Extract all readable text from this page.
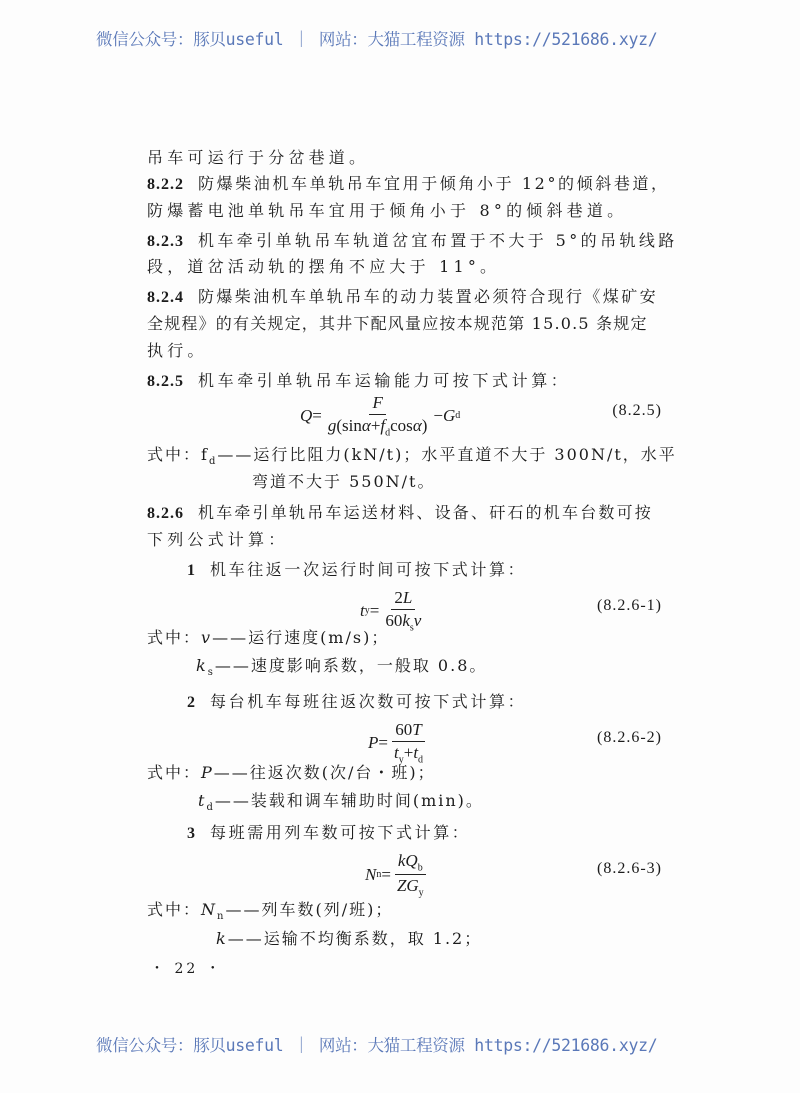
微信公众号：豚贝useful ｜ 网站：大猫工程资源 https://521686.xyz/
吊车可运行于分岔巷道。
8.2.2 防爆柴油机车单轨吊车宜用于倾角小于 12°的倾斜巷道，
防爆蓄电池单轨吊车宜用于倾角小于 8°的倾斜巷道。
8.2.3 机车牵引单轨吊车轨道岔宜布置于不大于 5°的吊轨线路
段，道岔活动轨的摆角不应大于 11°。
8.2.4 防爆柴油机车单轨吊车的动力装置必须符合现行《煤矿安
全规程》的有关规定，其井下配风量应按本规范第 15.0.5 条规定
执行。
8.2.5 机车牵引单轨吊车运输能力可按下式计算：
$Q = \frac{F}{g(\sin\alpha+f_d\cos\alpha)} - G$ d	(8.2.5)
式中：$f_d——$运行比阻力(kN/t)；水平直道不大于 300N/t，水平
弯道不大于 550N/t。
8.2.6 机车牵引单轨吊车运送材料、设备、矸石的机车台数可按
下列公式计算：
1 机车往返一次运行时间可按下式计算：
t $y = \frac{2L}{60k_sv}$	(8.2.6-1)
式中：v——运行速度(m/s)；
$k_s——$速度影响系数，一般取 0.8。
2 每台机车每班往返次数可按下式计算：
$P = \frac{60T}{t_y+t_d}$	(8.2.6-2)
式中：P——往返次数(次/台・班)；
$t_d——$装载和调车辅助时间(min)。
3 每班需用列车数可按下式计算：
N $n = \frac{kQ_b}{ZG_y}$	(8.2.6-3)
式中：$N_n——$列车数(列/班)；
k——运输不均衡系数，取 1.2；
・ 22 ・
微信公众号：豚贝useful ｜ 网站：大猫工程资源 https://521686.xyz/
